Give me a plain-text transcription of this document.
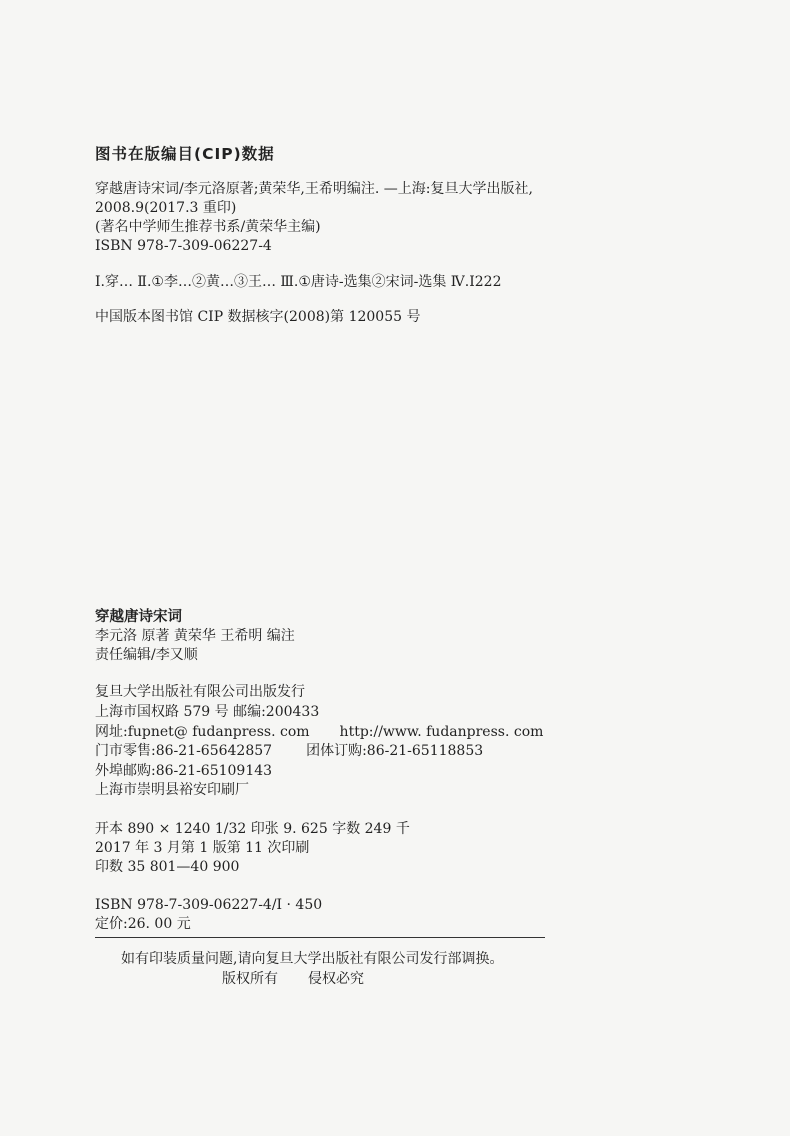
图书在版编目(CIP)数据
穿越唐诗宋词/李元洛原著;黄荣华,王希明编注. —上海:复旦大学出版社,
2008.9(2017.3 重印)
(著名中学师生推荐书系/黄荣华主编)
ISBN 978-7-309-06227-4
Ⅰ.穿… Ⅱ.①李…②黄…③王… Ⅲ.①唐诗-选集②宋词-选集 Ⅳ.I222
中国版本图书馆 CIP 数据核字(2008)第 120055 号
穿越唐诗宋词
李元洛 原著 黄荣华 王希明 编注
责任编辑/李又顺
复旦大学出版社有限公司出版发行
上海市国权路 579 号 邮编:200433
网址:fupnet@ fudanpress. com http://www. fudanpress. com
门市零售:86-21-65642857 团体订购:86-21-65118853
外埠邮购:86-21-65109143
上海市崇明县裕安印刷厂
开本 890 × 1240 1/32 印张 9. 625 字数 249 千
2017 年 3 月第 1 版第 11 次印刷
印数 35 801—40 900
ISBN 978-7-309-06227-4/I · 450
定价:26. 00 元
如有印装质量问题,请向复旦大学出版社有限公司发行部调换。
版权所有 侵权必究
